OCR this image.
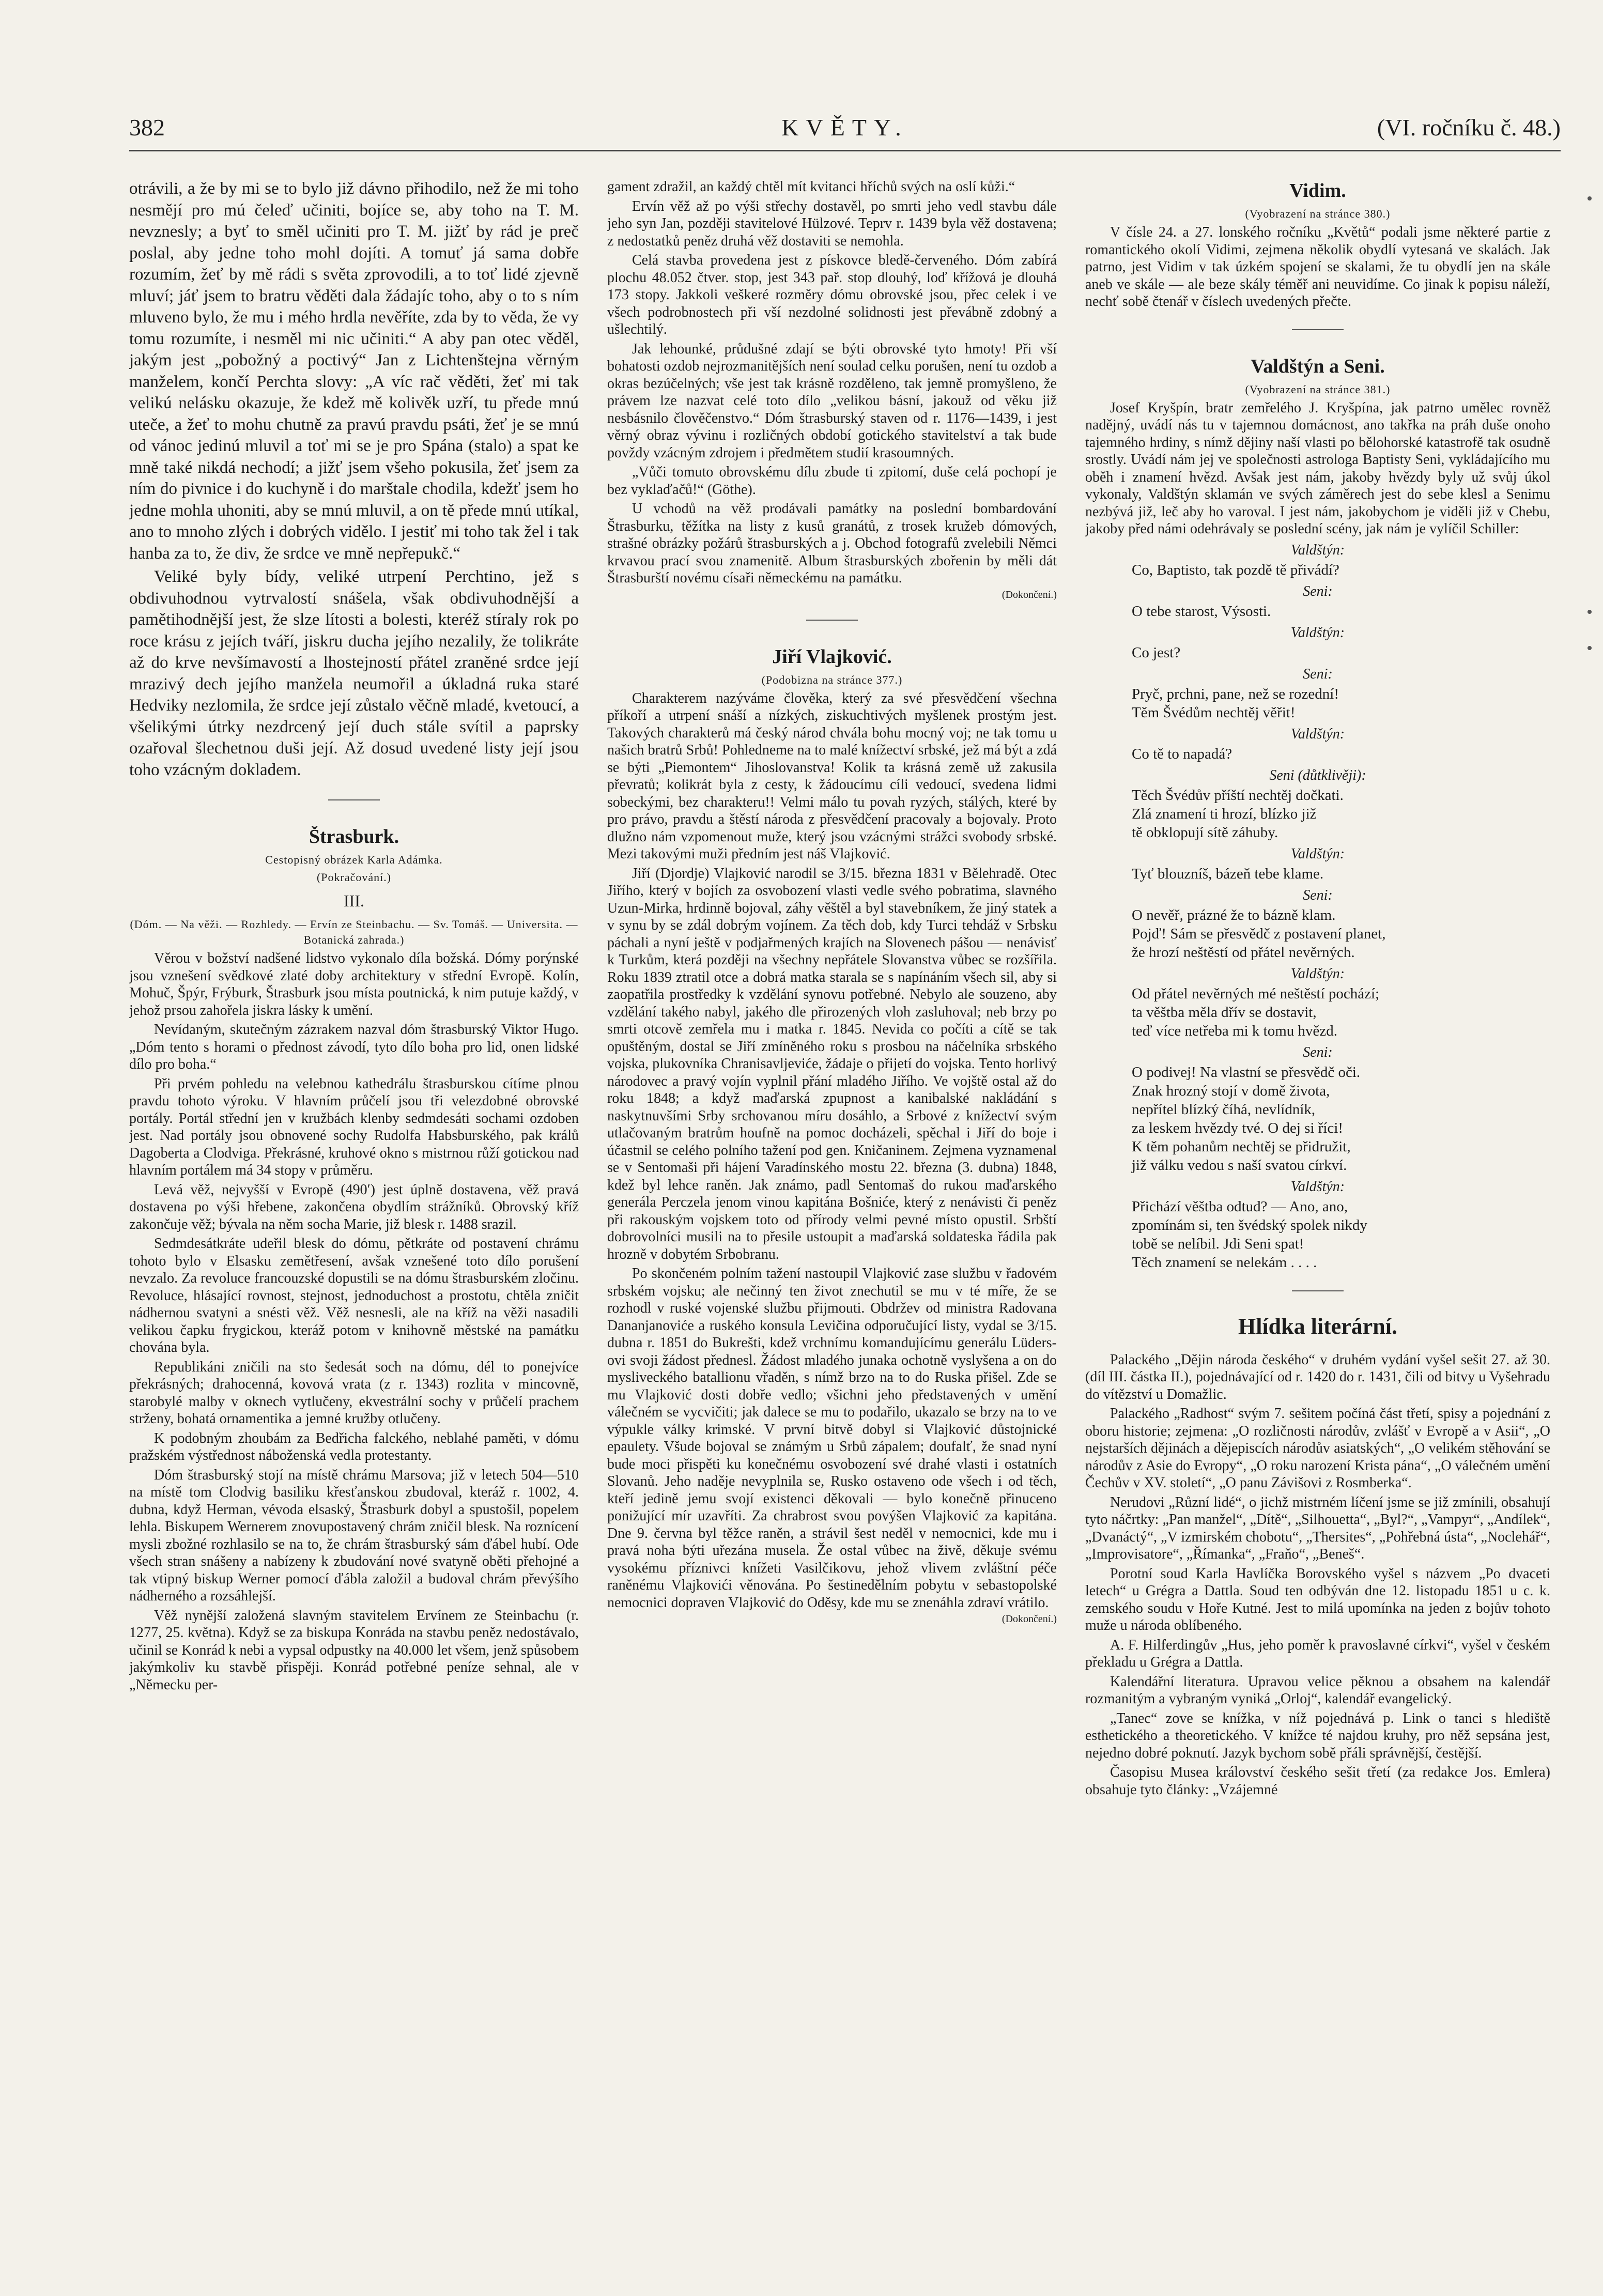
382	KVĚTY.	(VI. ročníku č. 48.)

otrávili, a že by mi se to bylo již dávno přihodilo, než že mi toho nesmějí pro mú čeleď učiniti, bojíce se, aby toho na T. M. nevznesly; a byť to směl učiniti pro T. M. jižť by rád je preč poslal, aby jedne toho mohl dojíti. A tomuť já sama dobře rozumím, žeť by mě rádi s světa zprovodili, a to toť lidé zjevně mluví; jáť jsem to bratru věděti dala žádajíc toho, aby o to s ním mluveno bylo, že mu i mého hrdla nevěříte, zda by to věda, že vy tomu rozumíte, i nesměl mi nic učiniti.“ A aby pan otec věděl, jakým jest „pobožný a poctivý“ Jan z Lichtenštejna věrným manželem, končí Perchta slovy: „A víc rač věděti, žeť mi tak velikú nelásku okazuje, že kdež mě kolivěk uzří, tu přede mnú uteče, a žeť to mohu chutně za pravú pravdu psáti, žeť je se mnú od vánoc jedinú mluvil a toť mi se je pro Spána (stalo) a spat ke mně také nikdá nechodí; a jižť jsem všeho pokusila, žeť jsem za ním do pivnice i do kuchyně i do marštale chodila, kdežť jsem ho jedne mohla uhoniti, aby se mnú mluvil, a on tě přede mnú utíkal, ano to mnoho zlých i dobrých vidělo. I jestiť mi toho tak žel i tak hanba za to, že div, že srdce ve mně nepřepukč.“

Veliké byly bídy, veliké utrpení Perchtino, jež s obdivuhodnou vytrvalostí snášela, však obdivuhodnější a pamětihodnější jest, že slze lítosti a bolesti, kteréž stíraly rok po roce krásu z jejích tváří, jiskru ducha jejího nezalily, že tolikráte až do krve nevšímavostí a lhostejností přátel zraněné srdce její mrazivý dech jejího manžela neumořil a úkladná ruka staré Hedviky nezlomila, že srdce její zůstalo věčně mladé, kvetoucí, a všelikými útrky nezdrcený její duch stále svítil a paprsky ozařoval šlechetnou duši její. Až dosud uvedené listy její jsou toho vzácným dokladem.

Štrasburk.
Cestopisný obrázek Karla Adámka.
(Pokračování.)
III.
(Dóm. — Na věži. — Rozhledy. — Ervín ze Steinbachu. — Sv. Tomáš. — Universita. — Botanická zahrada.)

Věrou v božství nadšené lidstvo vykonalo díla božská. Dómy porýnské jsou vznešení svědkové zlaté doby architektury v střední Evropě. Kolín, Mohuč, Špýr, Frýburk, Štrasburk jsou místa poutnická, k nim putuje každý, v jehož prsou zahořela jiskra lásky k umění.

Nevídaným, skutečným zázrakem nazval dóm štrasburský Viktor Hugo. „Dóm tento s horami o přednost závodí, tyto dílo boha pro lid, onen lidské dílo pro boha.“

Při prvém pohledu na velebnou kathedrálu štrasburskou cítíme plnou pravdu tohoto výroku. V hlavním průčelí jsou tři velezdobné obrovské portály. Portál střední jen v kružbách klenby sedmdesáti sochami ozdoben jest. Nad portály jsou obnovené sochy Rudolfa Habsburského, pak králů Dagoberta a Clodviga. Překrásné, kruhové okno s mistrnou růží gotickou nad hlavním portálem má 34 stopy v průměru.

Levá věž, nejvyšší v Evropě (490′) jest úplně dostavena, věž pravá dostavena po výši hřebene, zakončena obydlím strážníků. Obrovský kříž zakončuje věž; bývala na něm socha Marie, již blesk r. 1488 srazil.

Sedmdesátkráte udeřil blesk do dómu, pětkráte od postavení chrámu tohoto bylo v Elsasku zemětřesení, avšak vznešené toto dílo porušení nevzalo. Za revoluce francouzské dopustili se na dómu štrasburském zločinu. Revoluce, hlásající rovnost, stejnost, jednoduchost a prostotu, chtěla zničit nádhernou svatyni a snésti věž. Věž nesnesli, ale na kříž na věži nasadili velikou čapku frygickou, kteráž potom v knihovně městské na památku chována byla.

Republikáni zničili na sto šedesát soch na dómu, dél to ponejvíce překrásných; drahocenná, kovová vrata (z r. 1343) rozlita v mincovně, starobylé malby v oknech vytlučeny, ekvestrální sochy v průčelí prachem strženy, bohatá ornamentika a jemné kružby otlučeny.

K podobným zhoubám za Bedřicha falckého, neblahé paměti, v dómu pražském výstřednost náboženská vedla protestanty.

Dóm štrasburský stojí na místě chrámu Marsova; již v letech 504—510 na místě tom Clodvig basiliku křesťanskou zbudoval, kteráž r. 1002, 4. dubna, když Herman, vévoda elsaský, Štrasburk dobyl a spustošil, popelem lehla. Biskupem Wernerem znovupostavený chrám zničil blesk. Na roznícení mysli zbožné rozhlasilo se na to, že chrám štrasburský sám ďábel hubí. Ode všech stran snášeny a nabízeny k zbudování nové svatyně oběti přehojné a tak vtipný biskup Werner pomocí ďábla založil a budoval chrám převýšího nádherného a rozsáhlejší.

Věž nynější založená slavným stavitelem Ervínem ze Steinbachu (r. 1277, 25. května). Když se za biskupa Konráda na stavbu peněz nedostávalo, učinil se Konrád k nebi a vypsal odpustky na 40.000 let všem, jenž spůsobem jakýmkoliv ku stavbě přispěji. Konrád potřebné peníze sehnal, ale v „Německu per-

gament zdražil, an každý chtěl mít kvitanci hříchů svých na oslí kůži.“

Ervín věž až po výši střechy dostavěl, po smrti jeho vedl stavbu dále jeho syn Jan, později stavitelové Hülzové. Teprv r. 1439 byla věž dostavena; z nedostatků peněz druhá věž dostaviti se nemohla.

Celá stavba provedena jest z pískovce bledě-červeného. Dóm zabírá plochu 48.052 čtver. stop, jest 343 pař. stop dlouhý, loď křížová je dlouhá 173 stopy. Jakkoli veškeré rozměry dómu obrovské jsou, přec celek i ve všech podrobnostech při vší nezdolné solidnosti jest převábně zdobný a ušlechtilý.

Jak lehounké, průdušné zdají se býti obrovské tyto hmoty! Při vší bohatosti ozdob nejrozmanitějších není soulad celku porušen, není tu ozdob a okras bezúčelných; vše jest tak krásně rozděleno, tak jemně promyšleno, že právem lze nazvat celé toto dílo „velikou básní, jakouž od věku již nesbásnilo člověčenstvo.“ Dóm štrasburský staven od r. 1176—1439, i jest věrný obraz vývinu i rozličných období gotického stavitelství a tak bude povždy vzácným zdrojem i předmětem studií krasoumných.

„Vůči tomuto obrovskému dílu zbude ti zpitomí, duše celá pochopí je bez vyklaďačů!“ (Göthe).

U vchodů na věž prodávali památky na poslední bombardování Štrasburku, těžítka na listy z kusů granátů, z trosek kružeb dómových, strašné obrázky požárů štrasburských a j. Obchod fotografů zvelebili Němci krvavou prací svou znamenitě. Album štrasburských zbořenin by měli dát Štrasburští novému císaři německému na památku.

(Dokončení.)
Jiří Vlajković.
(Podobizna na stránce 377.)

Charakterem nazýváme člověka, který za své přesvědčení všechna příkoří a utrpení snáší a nízkých, ziskuchtivých myšlenek prostým jest. Takových charakterů má český národ chvála bohu mocný voj; ne tak tomu u našich bratrů Srbů! Pohledneme na to malé knížectví srbské, jež má být a zdá se býti „Piemontem“ Jihoslovanstva! Kolik ta krásná země už zakusila převratů; kolikrát byla z cesty, k žádoucímu cíli vedoucí, svedena lidmi sobeckými, bez charakteru!! Velmi málo tu povah ryzých, stálých, které by pro právo, pravdu a štěstí národa z přesvědčení pracovaly a bojovaly. Proto dlužno nám vzpomenout muže, který jsou vzácnými strážci svobody srbské. Mezi takovými muži předním jest náš Vlajković.

Jiří (Djordje) Vlajković narodil se 3/15. března 1831 v Bělehradě. Otec Jiřího, který v bojích za osvobození vlasti vedle svého pobratima, slavného Uzun-Mirka, hrdinně bojoval, záhy věštěl a byl stavebníkem, že jiný statek a v synu by se zdál dobrým vojínem. Za těch dob, kdy Turci tehdáž v Srbsku páchali a nyní ještě v podjařmených krajích na Slovenech pášou — nenávisť k Turkům, která později na všechny nepřátele Slovanstva vůbec se rozšířila. Roku 1839 ztratil otce a dobrá matka starala se s napínáním všech sil, aby si zaopatřila prostředky k vzdělání synovu potřebné. Nebylo ale souzeno, aby vzdělání takého nabyl, jakého dle přirozených vloh zasluhoval; neb brzy po smrti otcově zemřela mu i matka r. 1845. Nevida co počíti a cítě se tak opuštěným, dostal se Jiří zmíněného roku s prosbou na náčelníka srbského vojska, plukovníka Chranisavljeviće, žádaje o přijetí do vojska. Tento horlivý národovec a pravý vojín vyplnil přání mladého Jiřího. Ve vojště ostal až do roku 1848; a když maďarská zpupnost a kanibalské nakládání s naskytnuvšími Srby srchovanou míru dosáhlo, a Srbové z knížectví svým utlačovaným bratrům houfně na pomoc docházeli, spěchal i Jiří do boje i účastnil se celého polního tažení pod gen. Kničaninem. Zejmena vyznamenal se v Sentomaši při hájení Varadínského mostu 22. března (3. dubna) 1848, kdež byl lehce raněn. Jak známo, padl Sentomaš do rukou maďarského generála Perczela jenom vinou kapitána Bošniće, který z nenávisti či peněz při rakouským vojskem toto od přírody velmi pevné místo opustil. Srbští dobrovolníci musili na to přesile ustoupit a maďarská soldateska řádila pak hrozně v dobytém Srbobranu.

Po skončeném polním tažení nastoupil Vlajković zase službu v řadovém srbském vojsku; ale nečinný ten život znechutil se mu v té míře, že se rozhodl v ruské vojenské službu přijmouti. Obdržev od ministra Radovana Dananjanoviće a ruského konsula Levičina odporučující listy, vydal se 3/15. dubna r. 1851 do Bukrešti, kdež vrchnímu komandujícímu generálu Lüders-ovi svoji žádost přednesl. Žádost mladého junaka ochotně vyslyšena a on do mysliveckého batallionu vřaděn, s nímž brzo na to do Ruska přišel. Zde se mu Vlajković dosti dobře vedlo; všichni jeho představených v umění válečném se vycvičiti; jak dalece se mu to podařilo, ukazalo se brzy na to ve výpukle války krimské. V první bitvě dobyl si Vlajković důstojnické epaulety. Všude bojoval se známým u Srbů zápalem; doufalť, že snad nyní bude moci přispěti ku konečnému osvobození své drahé vlasti i ostatních Slovanů. Jeho naděje nevyplnila se, Rusko ostaveno ode všech i od těch, kteří jedině jemu svojí existenci děkovali — bylo konečně přinuceno ponižující mír uzavříti. Za chrabrost svou povýšen Vlajković za kapitána. Dne 9. června byl těžce raněn, a strávil šest neděl v nemocnici, kde mu i pravá noha býti uřezána musela. Že ostal vůbec na živě, děkuje svému vysokému příznivci knížeti Vasilčikovu, jehož vlivem zvláštní péče raněnému Vlajkovići věnována. Po šestinedělním pobytu v sebastopolské nemocnici dopraven Vlajković do Oděsy, kde mu se znenáhla zdraví vrátilo.

(Dokončení.)
Vidim.
(Vyobrazení na stránce 380.)

V čísle 24. a 27. lonského ročníku „Květů“ podali jsme některé partie z romantického okolí Vidimi, zejmena několik obydlí vytesaná ve skalách. Jak patrno, jest Vidim v tak úzkém spojení se skalami, že tu obydlí jen na skále aneb ve skále — ale beze skály téměř ani neuvidíme. Co jinak k popisu náleží, nechť sobě čtenář v číslech uvedených přečte.

Valdštýn a Seni.
(Vyobrazení na stránce 381.)

Josef Kryšpín, bratr zemřelého J. Kryšpína, jak patrno umělec rovněž nadějný, uvádí nás tu v tajemnou domácnost, ano takřka na práh duše onoho tajemného hrdiny, s nímž dějiny naší vlasti po bělohorské katastrofě tak osudně srostly. Uvádí nám jej ve společnosti astrologa Baptisty Seni, vykládajícího mu oběh i znamení hvězd. Avšak jest nám, jakoby hvězdy byly už svůj úkol vykonaly, Valdštýn sklamán ve svých záměrech jest do sebe klesl a Senimu nezbývá již, leč aby ho varoval. I jest nám, jakobychom je viděli již v Chebu, jakoby před námi odehrávaly se poslední scény, jak nám je vylíčil Schiller:

Valdštýn:

Co, Baptisto, tak pozdě tě přivádí?

Seni:

O tebe starost, Výsosti.

Valdštýn:

Co jest?

Seni:

Pryč, prchni, pane, než se rozední!

Těm Švédům nechtěj věřit!

Valdštýn:

Co tě to napadá?

Seni (důtklivěji):

Těch Švédův příští nechtěj dočkati.

Zlá znamení ti hrozí, blízko již

tě obklopují sítě záhuby.

Valdštýn:

Tyť blouzníš, bázeň tebe klame.

Seni:

O nevěř, prázné že to bázně klam.

Pojď! Sám se přesvědč z postavení planet,

že hrozí neštěstí od přátel nevěrných.

Valdštýn:

Od přátel nevěrných mé neštěstí pochází;

ta věštba měla dřív se dostavit,

teď více netřeba mi k tomu hvězd.

Seni:

O podivej! Na vlastní se přesvědč oči.

Znak hrozný stojí v domě života,

nepřítel blízký číhá, nevlídník,

za leskem hvězdy tvé. O dej si říci!

K těm pohanům nechtěj se přidružit,

již válku vedou s naší svatou církví.

Valdštýn:

Přichází věštba odtud? — Ano, ano,

zpomínám si, ten švédský spolek nikdy

tobě se nelíbil. Jdi Seni spat!

Těch znamení se nelekám . . . .

Hlídka literární.

Palackého „Dějin národa českého“ v druhém vydání vyšel sešit 27. až 30. (díl III. částka II.), pojednávající od r. 1420 do r. 1431, čili od bitvy u Vyšehradu do vítězství u Domažlic.

Palackého „Radhost“ svým 7. sešitem počíná část třetí, spisy a pojednání z oboru historie; zejmena: „O rozličnosti národův, zvlášť v Evropě a v Asii“, „O nejstarších dějinách a dějepiscích národův asiatských“, „O velikém stěhování se národův z Asie do Evropy“, „O roku narození Krista pána“, „O válečném umění Čechův v XV. století“, „O panu Závišovi z Rosmberka“.

Nerudovi „Různí lidé“, o jichž mistrném líčení jsme se již zmínili, obsahují tyto náčrtky: „Pan manžel“, „Dítě“, „Silhouetta“, „Byl?“, „Vampyr“, „Andílek“, „Dvanáctý“, „V izmirském chobotu“, „Thersites“, „Pohřebná ústa“, „Noclehář“, „Improvisatore“, „Římanka“, „Fraňo“, „Beneš“.

Porotní soud Karla Havlíčka Borovského vyšel s názvem „Po dvaceti letech“ u Grégra a Dattla. Soud ten odbýván dne 12. listopadu 1851 u c. k. zemského soudu v Hoře Kutné. Jest to milá upomínka na jeden z bojův tohoto muže u národa oblíbeného.

A. F. Hilferdingův „Hus, jeho poměr k pravoslavné církvi“, vyšel v českém překladu u Grégra a Dattla.

Kalendářní literatura. Upravou velice pěknou a obsahem na kalendář rozmanitým a vybraným vyniká „Orloj“, kalendář evangelický.

„Tanec“ zove se knížka, v níž pojednává p. Link o tanci s hlediště esthetického a theoretického. V knížce té najdou kruhy, pro něž sepsána jest, nejedno dobré poknutí. Jazyk bychom sobě přáli správnější, čestější.

Časopisu Musea království českého sešit třetí (za redakce Jos. Emlera) obsahuje tyto články: „Vzájemné
